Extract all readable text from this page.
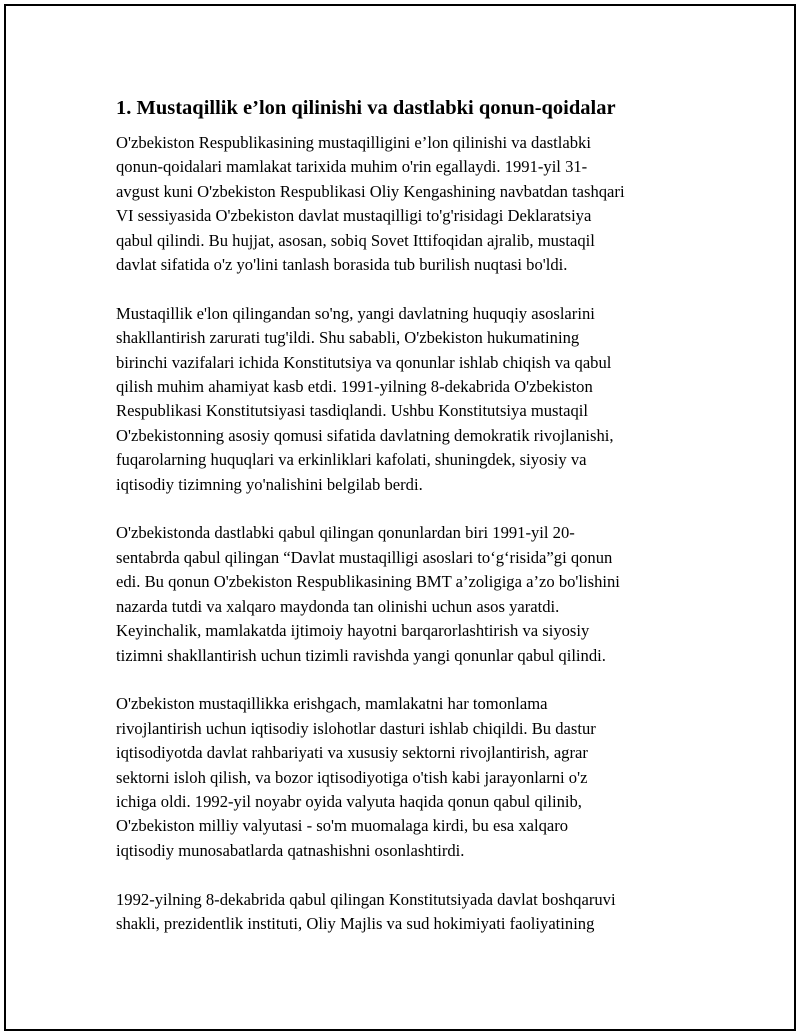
1. Mustaqillik e’lon qilinishi va dastlabki qonun-qoidalar

O'zbekiston Respublikasining mustaqilligini e’lon qilinishi va dastlabki
qonun-qoidalari mamlakat tarixida muhim o'rin egallaydi. 1991-yil 31-
avgust kuni O'zbekiston Respublikasi Oliy Kengashining navbatdan tashqari
VI sessiyasida O'zbekiston davlat mustaqilligi to'g'risidagi Deklaratsiya
qabul qilindi. Bu hujjat, asosan, sobiq Sovet Ittifoqidan ajralib, mustaqil
davlat sifatida o'z yo'lini tanlash borasida tub burilish nuqtasi bo'ldi.

Mustaqillik e'lon qilingandan so'ng, yangi davlatning huquqiy asoslarini
shakllantirish zarurati tug'ildi. Shu sababli, O'zbekiston hukumatining
birinchi vazifalari ichida Konstitutsiya va qonunlar ishlab chiqish va qabul
qilish muhim ahamiyat kasb etdi. 1991-yilning 8-dekabrida O'zbekiston
Respublikasi Konstitutsiyasi tasdiqlandi. Ushbu Konstitutsiya mustaqil
O'zbekistonning asosiy qomusi sifatida davlatning demokratik rivojlanishi,
fuqarolarning huquqlari va erkinliklari kafolati, shuningdek, siyosiy va
iqtisodiy tizimning yo'nalishini belgilab berdi.

O'zbekistonda dastlabki qabul qilingan qonunlardan biri 1991-yil 20-
sentabrda qabul qilingan “Davlat mustaqilligi asoslari to‘g‘risida”gi qonun
edi. Bu qonun O'zbekiston Respublikasining BMT a’zoligiga a’zo bo'lishini
nazarda tutdi va xalqaro maydonda tan olinishi uchun asos yaratdi.
Keyinchalik, mamlakatda ijtimoiy hayotni barqarorlashtirish va siyosiy
tizimni shakllantirish uchun tizimli ravishda yangi qonunlar qabul qilindi.

O'zbekiston mustaqillikka erishgach, mamlakatni har tomonlama
rivojlantirish uchun iqtisodiy islohotlar dasturi ishlab chiqildi. Bu dastur
iqtisodiyotda davlat rahbariyati va xususiy sektorni rivojlantirish, agrar
sektorni isloh qilish, va bozor iqtisodiyotiga o'tish kabi jarayonlarni o'z
ichiga oldi. 1992-yil noyabr oyida valyuta haqida qonun qabul qilinib,
O'zbekiston milliy valyutasi - so'm muomalaga kirdi, bu esa xalqaro
iqtisodiy munosabatlarda qatnashishni osonlashtirdi.

1992-yilning 8-dekabrida qabul qilingan Konstitutsiyada davlat boshqaruvi
shakli, prezidentlik instituti, Oliy Majlis va sud hokimiyati faoliyatining
